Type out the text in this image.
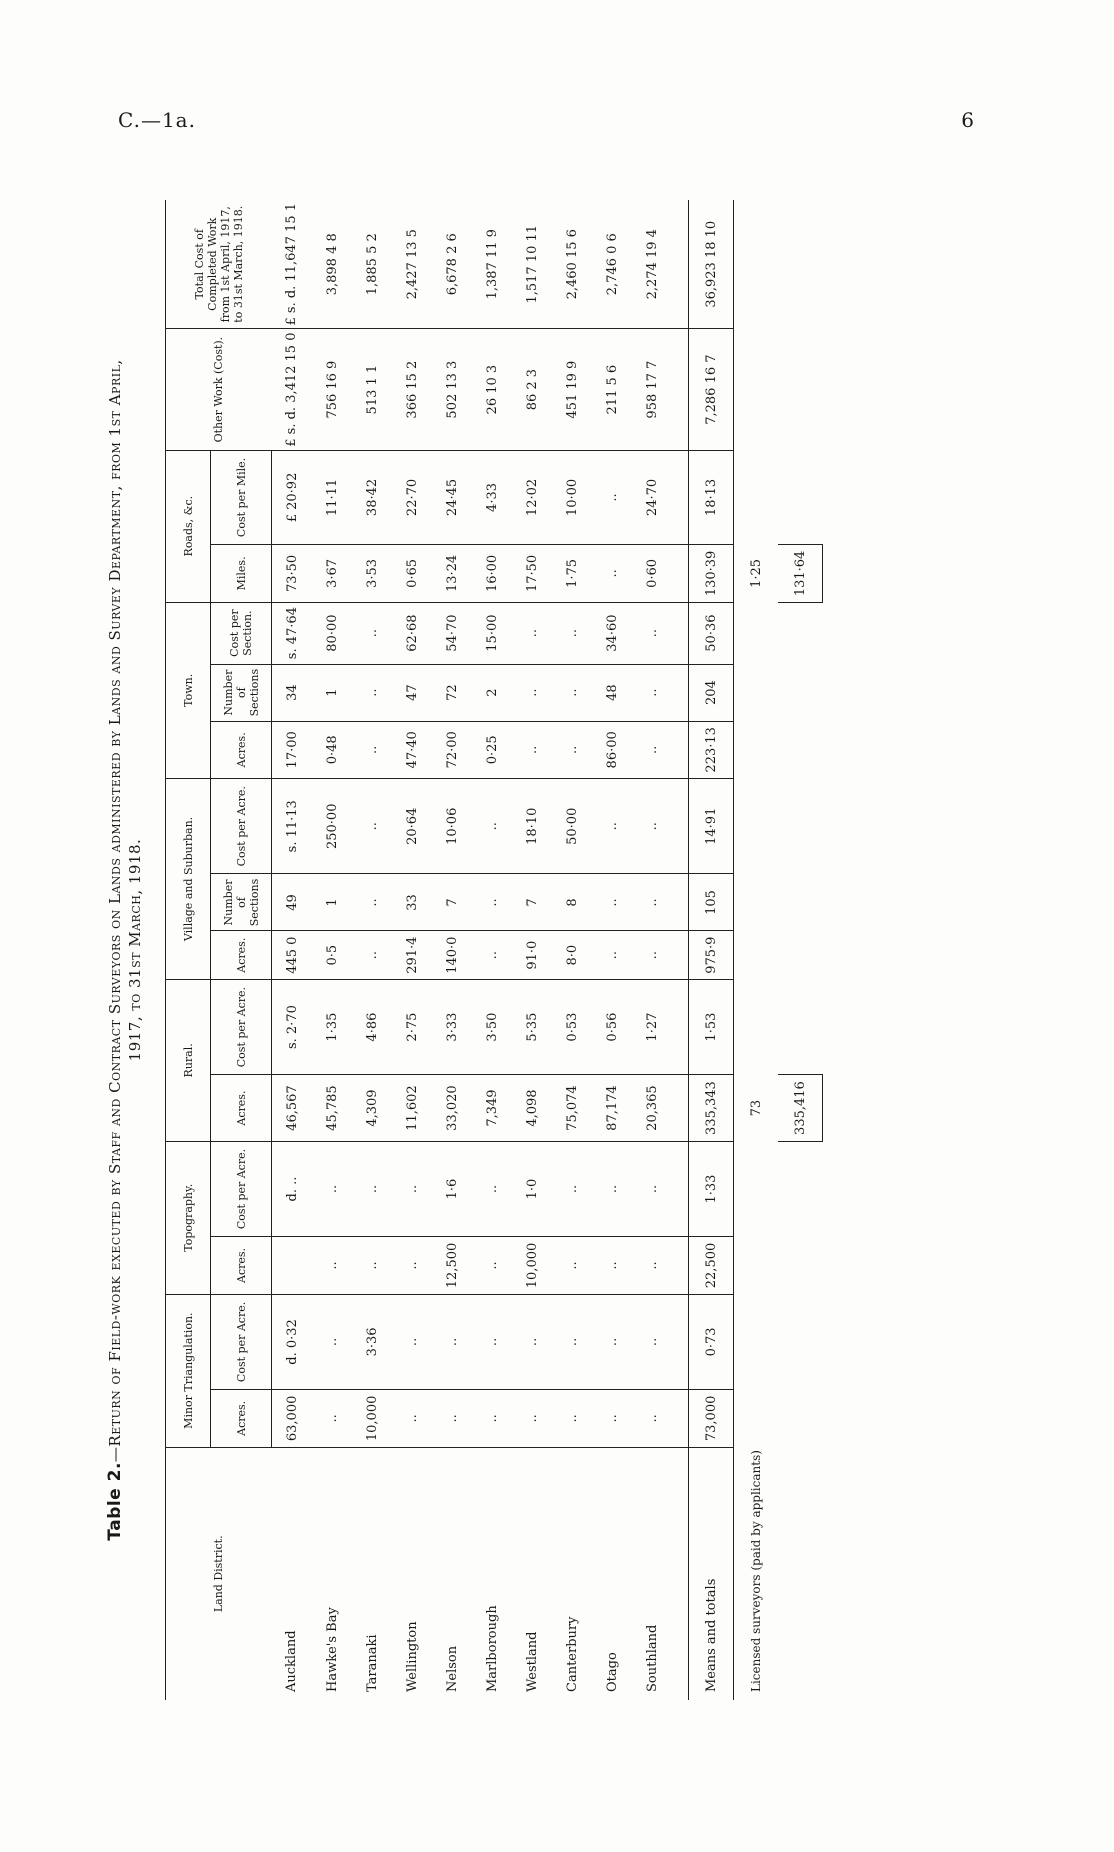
C.—1a.	6
Table 2.—Return of Field-work executed by Staff and Contract Surveyors on Lands administered by Lands and Survey Department, from 1st April, 1917, to 31st March, 1918.
Land District.	Minor Triangulation.		Topography.		Rural.		Village and Suburban.			Town.			Roads, &c.		Other Work (Cost).	Total Cost of Completed Work from 1st April, 1917, to 31st March, 1918.
	Acres.	Cost per Acre.	Acres.	Cost per Acre.	Acres.	Cost per Acre.	Acres.	Number of Sections	Cost per Acre.	Acres.	Number of Sections	Cost per Section.	Miles.	Cost per Mile.		
Auckland	63,000	d. 0·32		d. ..	46,567	s. 2·70	445 0	49	s. 11·13	17·00	34	s. 47·64	73·50	£ 20·92	£ s. d. 3,412 15 0	£ s. d. 11,647 15 1
Hawke's Bay	..	..	..	..	45,785	1·35	0·5	1	250·00	0·48	1	80·00	3·67	11·11	756 16 9	3,898 4 8
Taranaki	10,000	3·36	..	..	4,309	4·86	..	..	..	..	..	..	3·53	38·42	513 1 1	1,885 5 2
Wellington	..	..	..	..	11,602	2·75	291·4	33	20·64	47·40	47	62·68	0·65	22·70	366 15 2	2,427 13 5
Nelson	..	..	12,500	1·6	33,020	3·33	140·0	7	10·06	72·00	72	54·70	13·24	24·45	502 13 3	6,678 2 6
Marlborough	..	..	..	..	7,349	3·50	..	..	..	0·25	2	15·00	16·00	4·33	26 10 3	1,387 11 9
Westland	..	..	10,000	1·0	4,098	5·35	91·0	7	18·10	..	..	..	17·50	12·02	86 2 3	1,517 10 11
Canterbury	..	..	..	..	75,074	0·53	8·0	8	50·00	..	..	..	1·75	10·00	451 19 9	2,460 15 6
Otago	..	..	..	..	87,174	0·56	..	..	..	86·00	48	34·60	..	..	211 5 6	2,746 0 6
Southland	..	..	..	..	20,365	1·27	..	..	..	..	..	..	0·60	24·70	958 17 7	2,274 19 4

Means and totals	73,000	0·73	22,500	1·33	335,343	1·53	975·9	105	14·91	223·13	204	50·36	130·39	18·13	7,286 16 7	36,923 18 10
Licensed surveyors (paid by applicants)					73								1·25			
					335,416								131·64			
